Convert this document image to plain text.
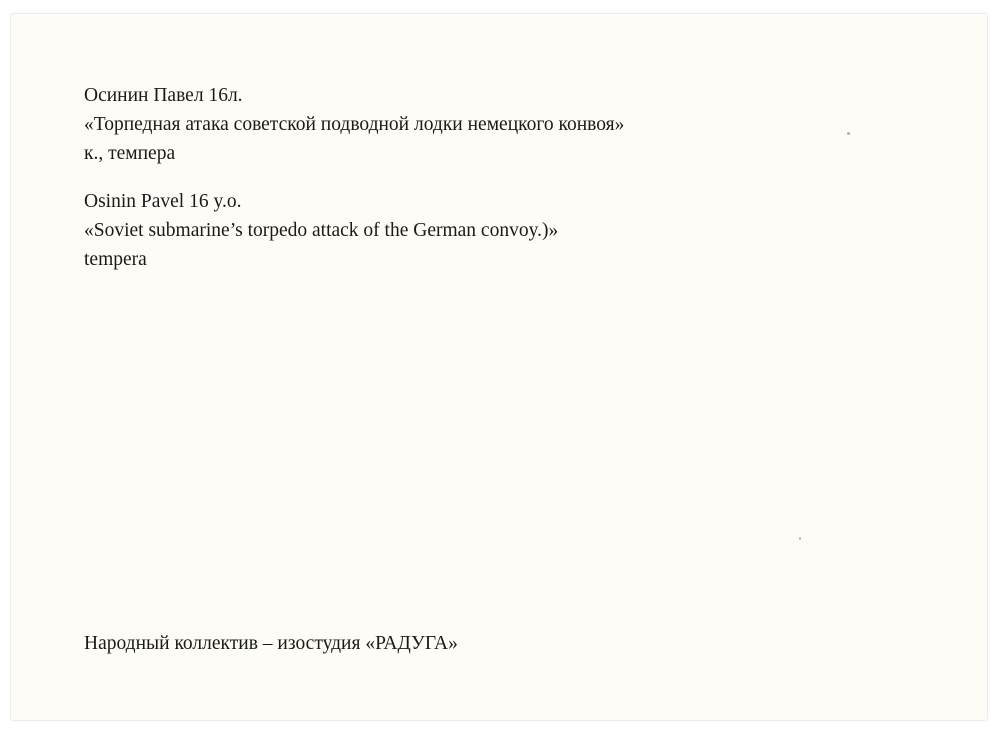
Осинин Павел 16л.
«Торпедная атака советской подводной лодки немецкого конвоя»
к., темпера
Osinin Pavel 16 y.o.
«Soviet submarine’s torpedo attack of the German convoy.)»
tempera
Народный коллектив – изостудия «РАДУГА»
